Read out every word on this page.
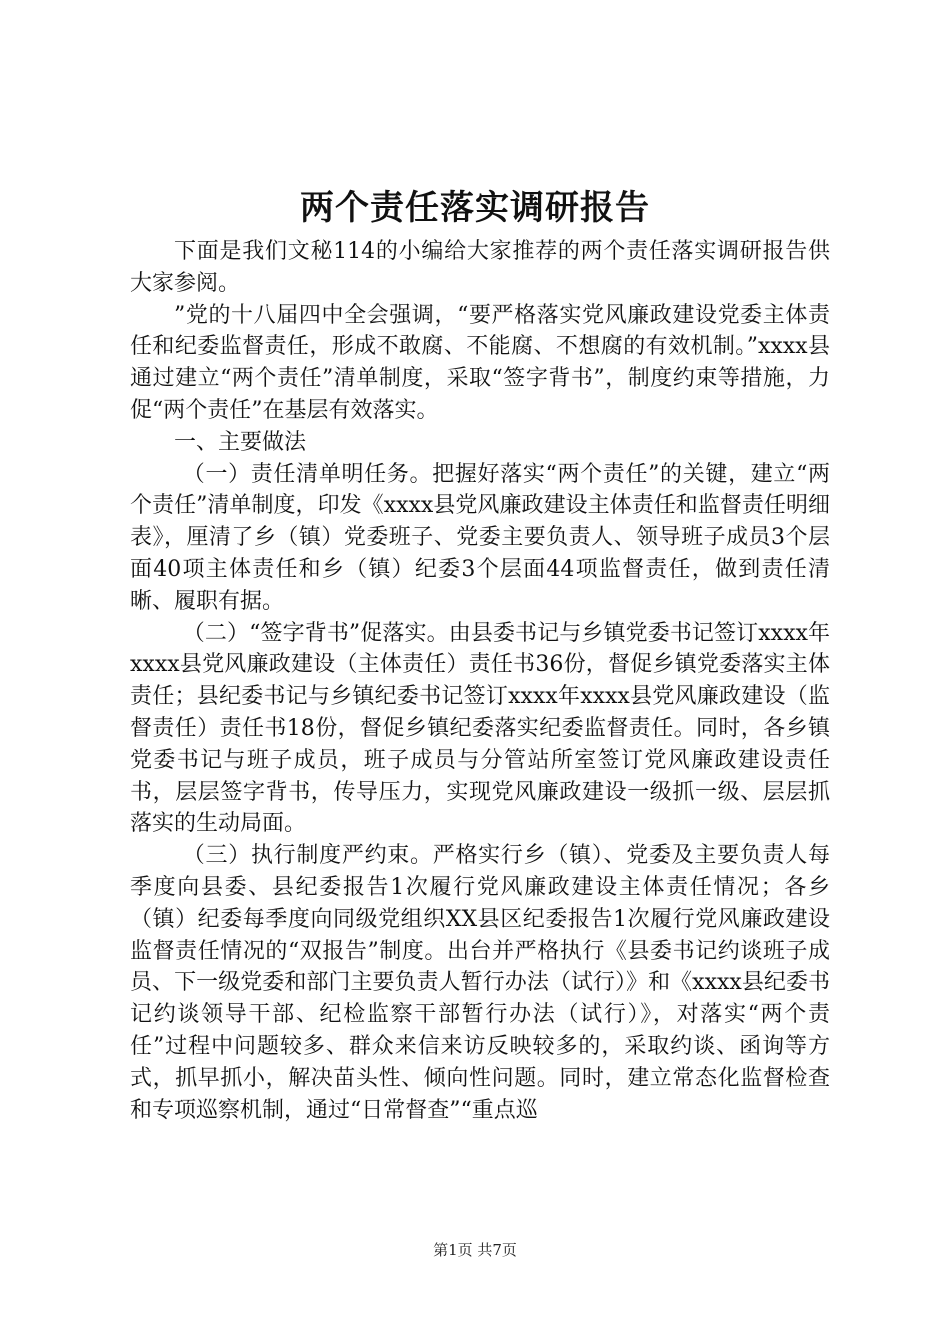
两个责任落实调研报告

下面是我们文秘114的小编给大家推荐的两个责任落实调研报告供大家参阅。

”党的十八届四中全会强调，“要严格落实党风廉政建设党委主体责任和纪委监督责任，形成不敢腐、不能腐、不想腐的有效机制。”xxxx县通过建立“两个责任”清单制度，采取“签字背书”，制度约束等措施，力促“两个责任”在基层有效落实。

一、主要做法

（一）责任清单明任务。把握好落实“两个责任”的关键，建立“两个责任”清单制度，印发《xxxx县党风廉政建设主体责任和监督责任明细表》，厘清了乡（镇）党委班子、党委主要负责人、领导班子成员3个层面40项主体责任和乡（镇）纪委3个层面44项监督责任，做到责任清晰、履职有据。

（二）“签字背书”促落实。由县委书记与乡镇党委书记签订xxxx年xxxx县党风廉政建设（主体责任）责任书36份，督促乡镇党委落实主体责任；县纪委书记与乡镇纪委书记签订xxxx年xxxx县党风廉政建设（监督责任）责任书18份，督促乡镇纪委落实纪委监督责任。同时，各乡镇党委书记与班子成员，班子成员与分管站所室签订党风廉政建设责任书，层层签字背书，传导压力，实现党风廉政建设一级抓一级、层层抓落实的生动局面。

（三）执行制度严约束。严格实行乡（镇）、党委及主要负责人每季度向县委、县纪委报告1次履行党风廉政建设主体责任情况；各乡（镇）纪委每季度向同级党组织XX县区纪委报告1次履行党风廉政建设监督责任情况的“双报告”制度。出台并严格执行《县委书记约谈班子成员、下一级党委和部门主要负责人暂行办法（试行）》和《xxxx县纪委书记约谈领导干部、纪检监察干部暂行办法（试行）》，对落实“两个责任”过程中问题较多、群众来信来访反映较多的，采取约谈、函询等方式，抓早抓小，解决苗头性、倾向性问题。同时，建立常态化监督检查和专项巡察机制，通过“日常督查”“重点巡

第1页 共7页
